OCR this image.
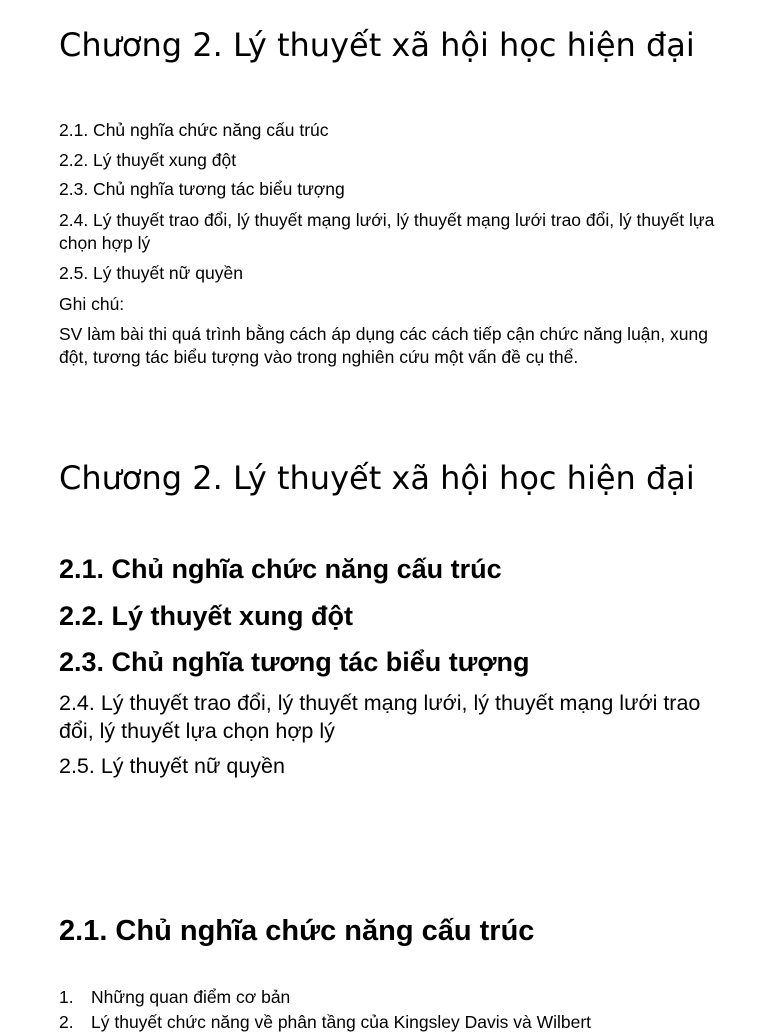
Chương 2. Lý thuyết xã hội học hiện đại

2.1. Chủ nghĩa chức năng cấu trúc

2.2. Lý thuyết xung đột

2.3. Chủ nghĩa tương tác biểu tượng

2.4. Lý thuyết trao đổi, lý thuyết mạng lưới, lý thuyết mạng lưới trao đổi, lý thuyết lựa chọn hợp lý

2.5. Lý thuyết nữ quyền

Ghi chú:

SV làm bài thi quá trình bằng cách áp dụng các cách tiếp cận chức năng luận, xung đột, tương tác biểu tượng vào trong nghiên cứu một vấn đề cụ thể.

Chương 2. Lý thuyết xã hội học hiện đại
2.1. Chủ nghĩa chức năng cấu trúc
2.2. Lý thuyết xung đột
2.3. Chủ nghĩa tương tác biểu tượng

2.4. Lý thuyết trao đổi, lý thuyết mạng lưới, lý thuyết mạng lưới trao đổi, lý thuyết lựa chọn hợp lý

2.5. Lý thuyết nữ quyền

2.1. Chủ nghĩa chức năng cấu trúc
1. Những quan điểm cơ bản
2. Lý thuyết chức năng về phân tầng của Kingsley Davis và Wilbert
